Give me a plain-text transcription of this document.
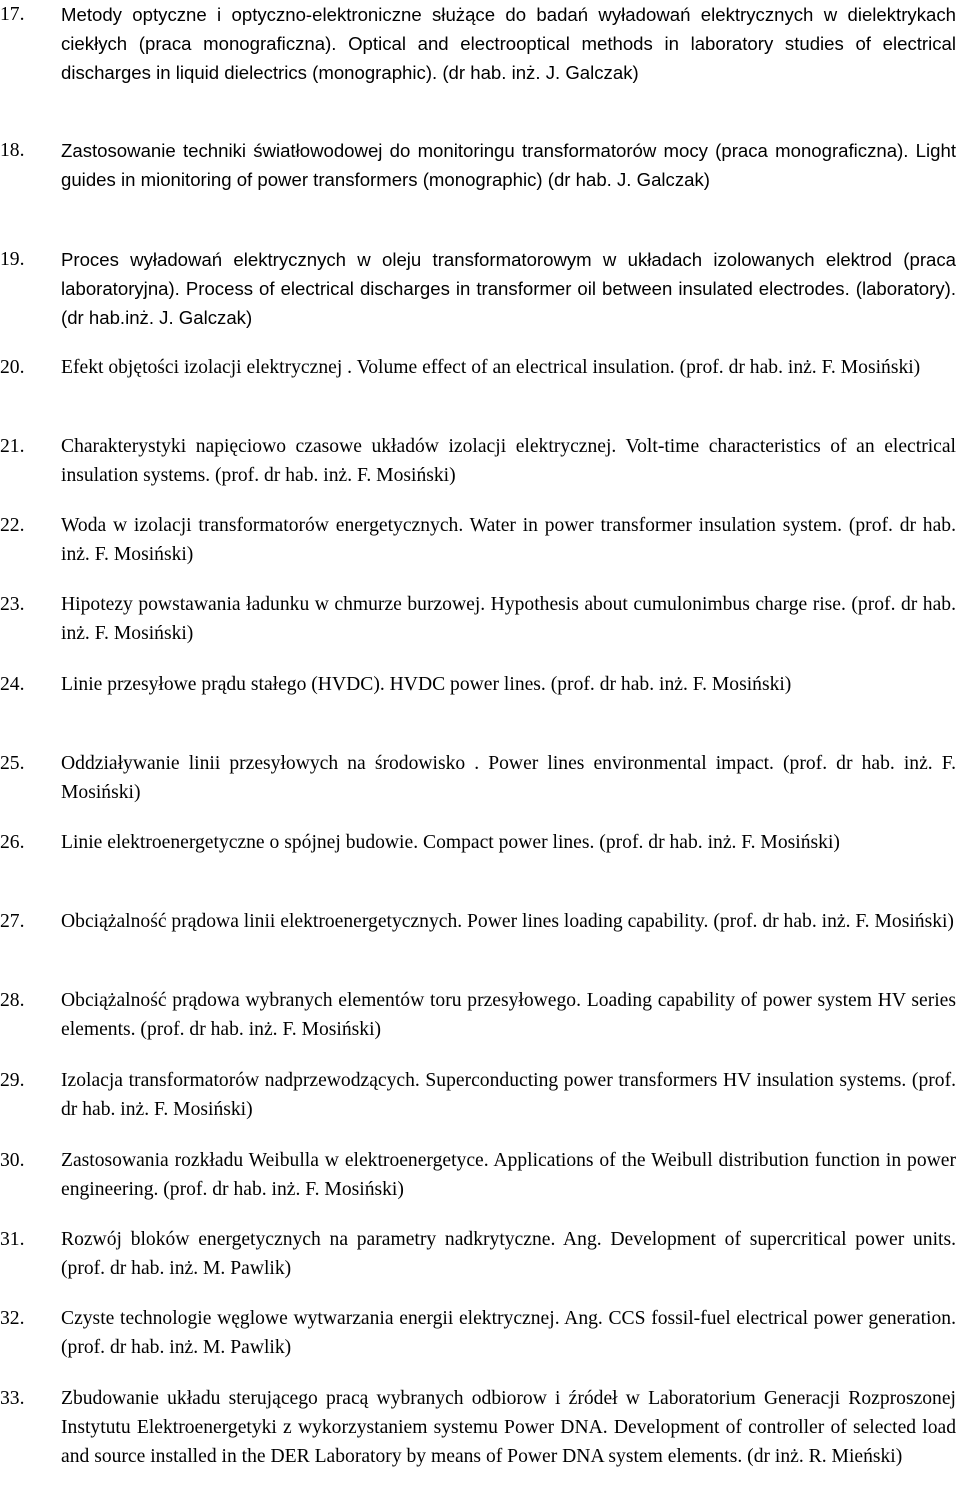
17. Metody optyczne i optyczno-elektroniczne służące do badań wyładowań elektrycznych w dielektrykach ciekłych (praca monograficzna). Optical and electrooptical methods in laboratory studies of electrical discharges in liquid dielectrics (monographic). (dr hab. inż. J. Galczak)
18. Zastosowanie techniki światłowodowej do monitoringu transformatorów mocy (praca monograficzna). Light guides in mionitoring of power transformers (monographic) (dr hab. J. Galczak)
19. Proces wyładowań elektrycznych w oleju transformatorowym w układach izolowanych elektrod (praca laboratoryjna). Process of electrical discharges in transformer oil between insulated electrodes. (laboratory). (dr hab.inż. J. Galczak)
20. Efekt objętości izolacji elektrycznej . Volume effect of an electrical insulation. (prof. dr hab. inż. F. Mosiński)
21. Charakterystyki napięciowo czasowe układów izolacji elektrycznej. Volt-time characteristics of an electrical insulation systems. (prof. dr hab. inż. F. Mosiński)
22. Woda w izolacji transformatorów energetycznych. Water in power transformer insulation system. (prof. dr hab. inż. F. Mosiński)
23. Hipotezy powstawania ładunku w chmurze burzowej. Hypothesis about cumulonimbus charge rise. (prof. dr hab. inż. F. Mosiński)
24. Linie przesyłowe prądu stałego (HVDC). HVDC power lines. (prof. dr hab. inż. F. Mosiński)
25. Oddziaływanie linii przesyłowych na środowisko . Power lines environmental impact. (prof. dr hab. inż. F. Mosiński)
26. Linie elektroenergetyczne o spójnej budowie. Compact power lines. (prof. dr hab. inż. F. Mosiński)
27. Obciążalność prądowa linii elektroenergetycznych. Power lines loading capability. (prof. dr hab. inż. F. Mosiński)
28. Obciążalność prądowa wybranych elementów toru przesyłowego. Loading capability of power system HV series elements. (prof. dr hab. inż. F. Mosiński)
29. Izolacja transformatorów nadprzewodzących. Superconducting power transformers HV insulation systems. (prof. dr hab. inż. F. Mosiński)
30. Zastosowania rozkładu Weibulla w elektroenergetyce. Applications of the Weibull distribution function in power engineering. (prof. dr hab. inż. F. Mosiński)
31. Rozwój bloków energetycznych na parametry nadkrytyczne. Ang. Development of supercritical power units. (prof. dr hab. inż. M. Pawlik)
32. Czyste technologie węglowe wytwarzania energii elektrycznej. Ang. CCS fossil-fuel electrical power generation. (prof. dr hab. inż. M. Pawlik)
33. Zbudowanie układu sterującego pracą wybranych odbiorow i źródeł w Laboratorium Generacji Rozproszonej Instytutu Elektroenergetyki z wykorzystaniem systemu Power DNA. Development of controller of selected load and source installed in the DER Laboratory by means of Power DNA system elements. (dr inż. R. Mieński)
